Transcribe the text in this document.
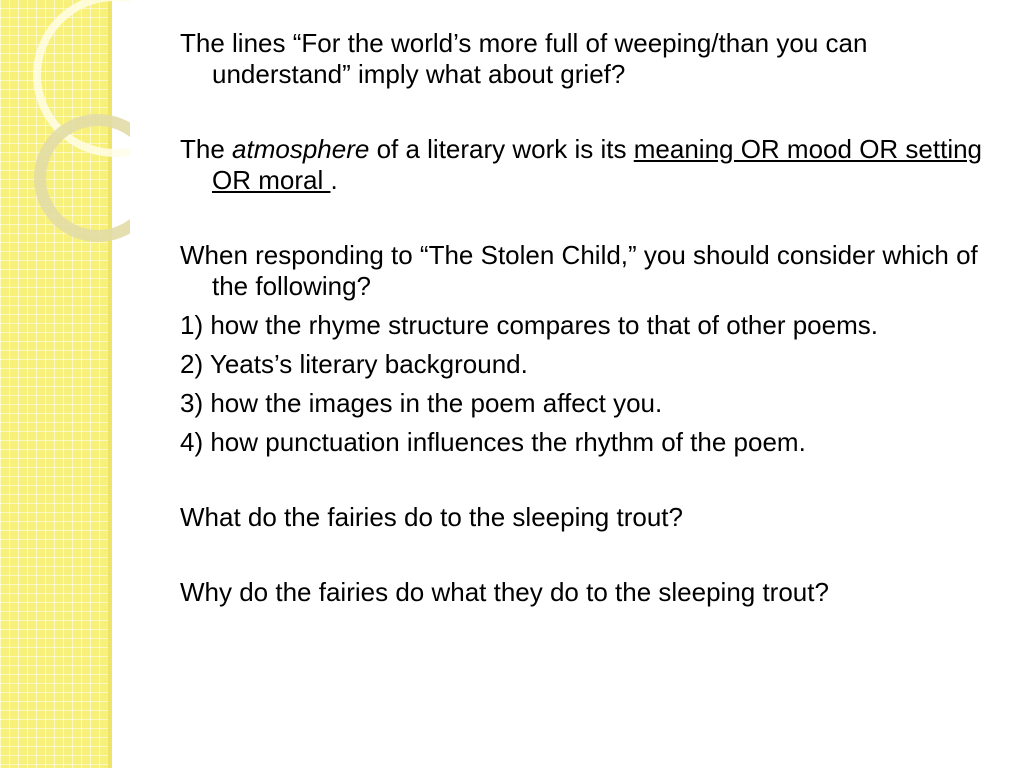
The lines “For the world’s more full of weeping/than you can understand” imply what about grief?

The atmosphere of a literary work is its meaning OR mood OR setting OR moral .

When responding to “The Stolen Child,” you should consider which of the following?

1) how the rhyme structure compares to that of other poems.

2) Yeats’s literary background.

3) how the images in the poem affect you.

4) how punctuation influences the rhythm of the poem.

What do the fairies do to the sleeping trout?

Why do the fairies do what they do to the sleeping trout?
